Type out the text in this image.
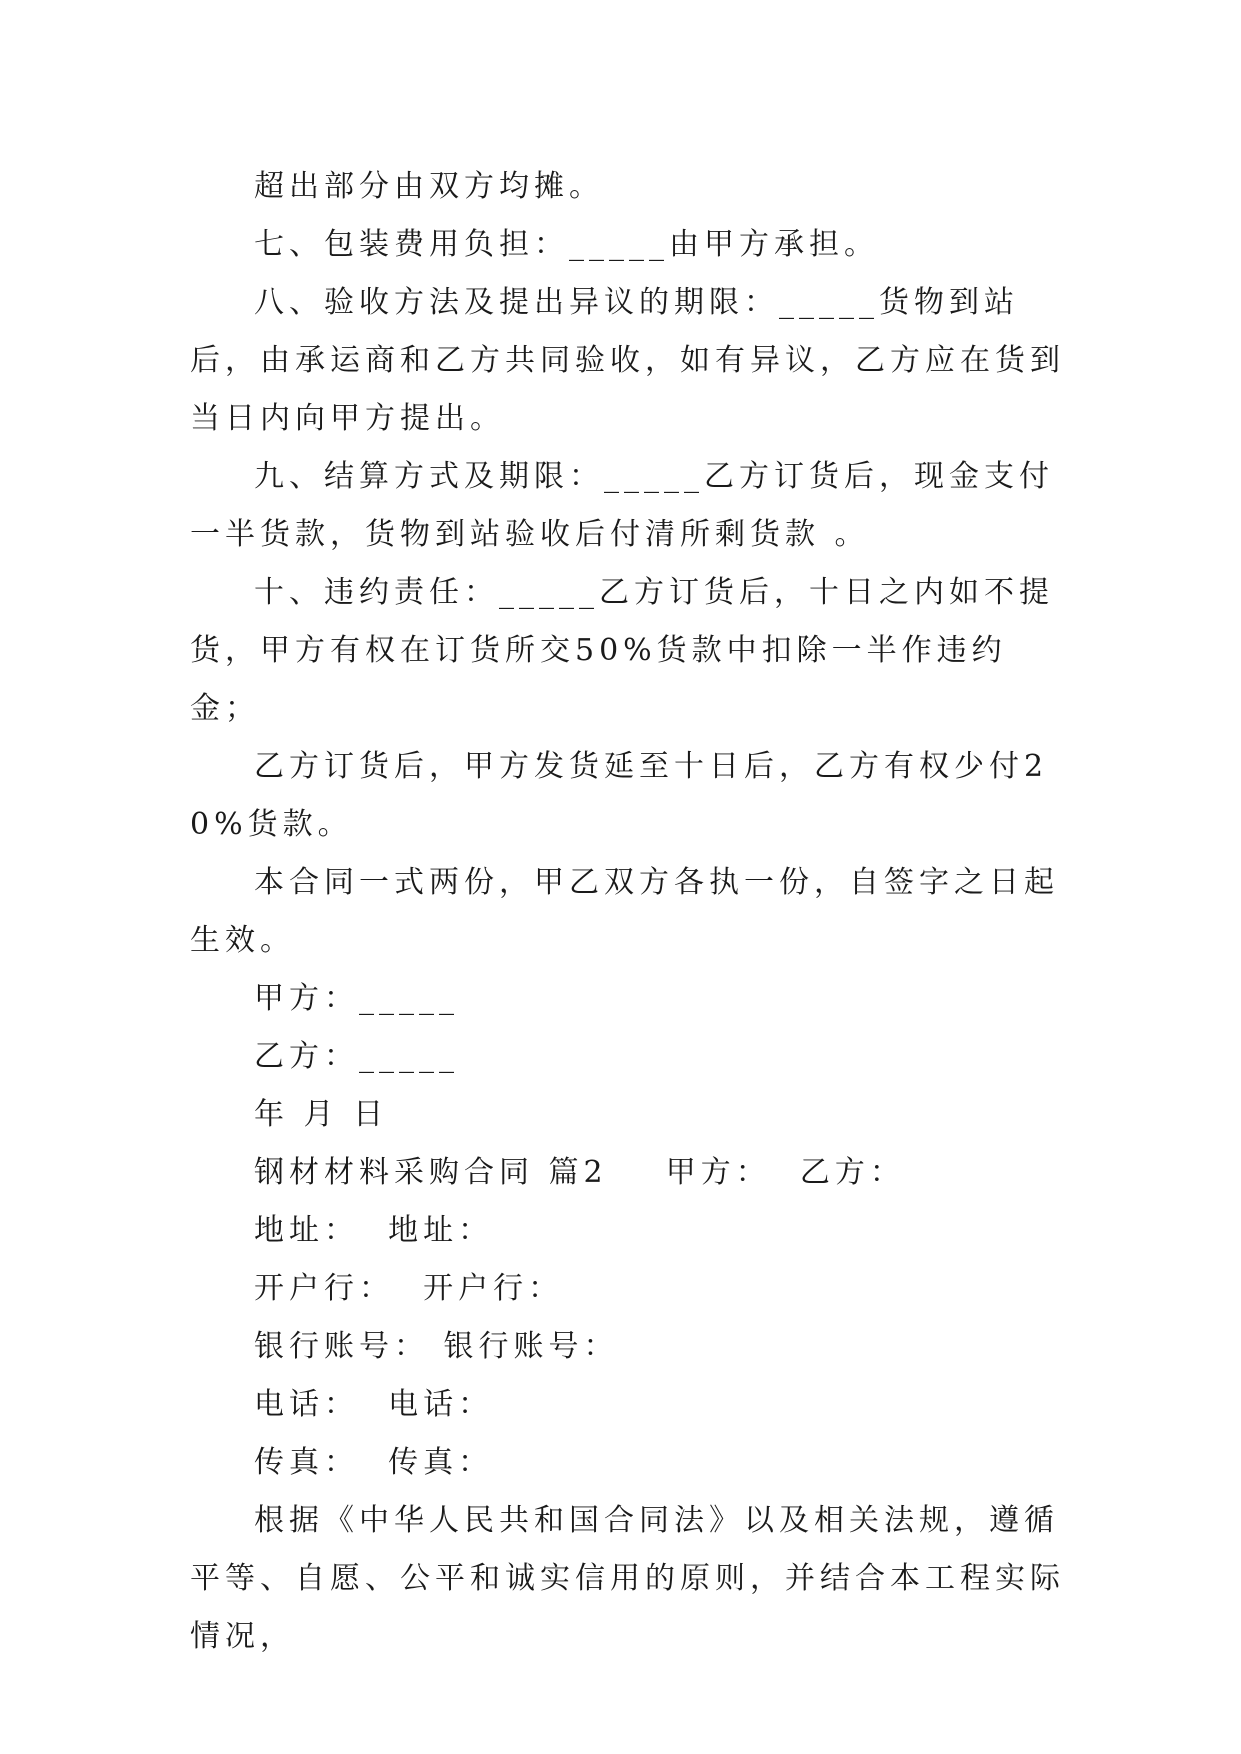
超出部分由双方均摊。

七、包装费用负担：_____由甲方承担。

八、验收方法及提出异议的期限：_____货物到站后，由承运商和乙方共同验收，如有异议，乙方应在货到当日内向甲方提出。

九、结算方式及期限：_____乙方订货后，现金支付一半货款，货物到站验收后付清所剩货款 。

十、违约责任：_____乙方订货后，十日之内如不提货，甲方有权在订货所交50%货款中扣除一半作违约金；

乙方订货后，甲方发货延至十日后，乙方有权少付20%货款。

本合同一式两份，甲乙双方各执一份，自签字之日起生效。

甲方：_____

乙方：_____

年 月 日

钢材材料采购合同 篇2    甲方：  乙方：

地址：  地址：

开户行：  开户行：

银行账号： 银行账号：

电话：  电话：

传真：  传真：

根据《中华人民共和国合同法》以及相关法规，遵循平等、自愿、公平和诚实信用的原则，并结合本工程实际情况，
